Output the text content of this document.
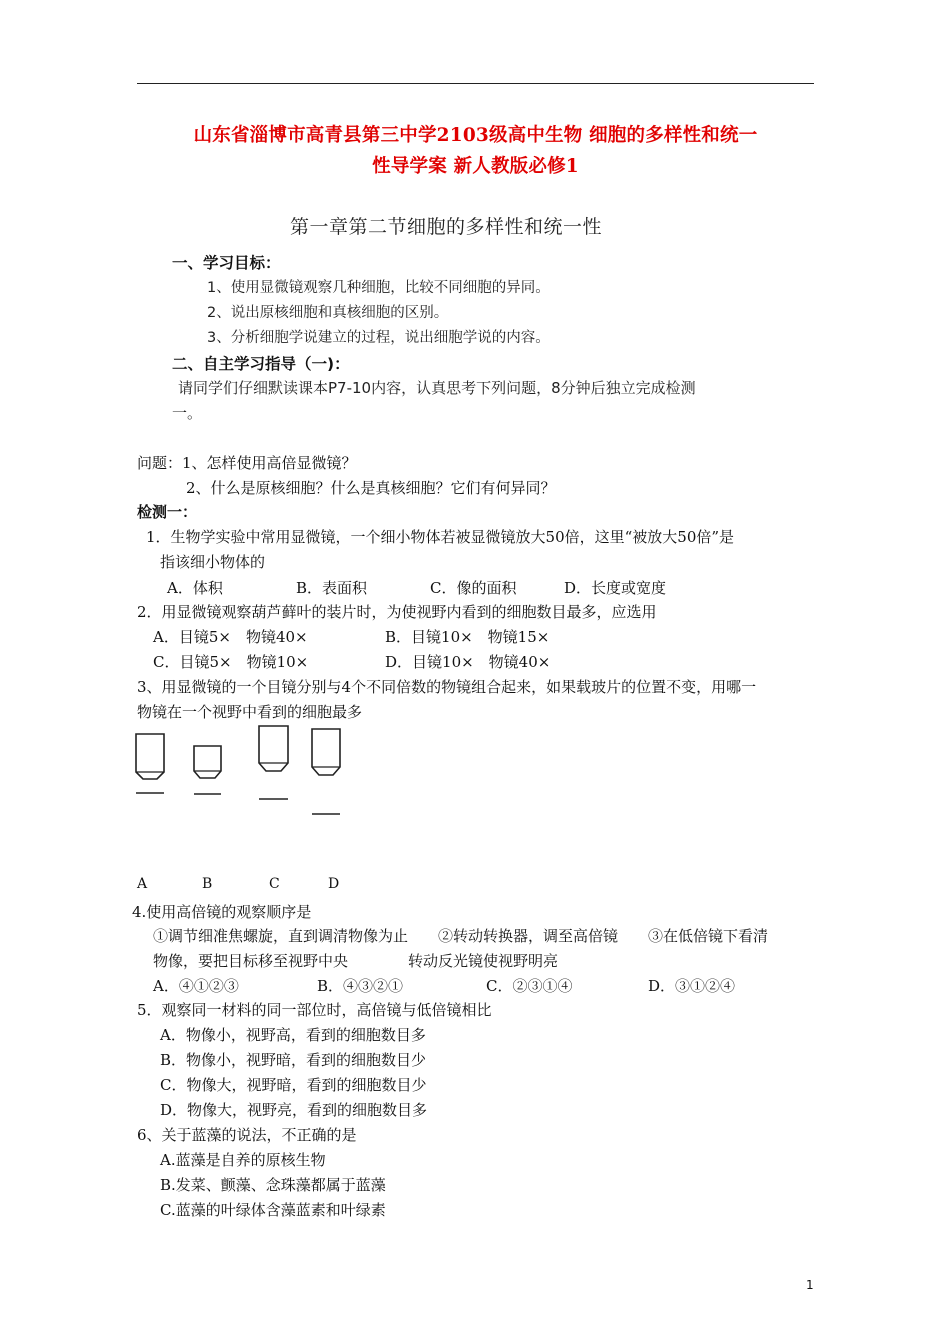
山东省淄博市高青县第三中学2103级高中生物 细胞的多样性和统一
性导学案 新人教版必修1
第一章第二节细胞的多样性和统一性
一、学习目标：
1、使用显微镜观察几种细胞，比较不同细胞的异同。
2、说出原核细胞和真核细胞的区别。
3、分析细胞学说建立的过程，说出细胞学说的内容。
二、自主学习指导（一)：
请同学们仔细默读课本P7-10内容，认真思考下列问题，8分钟后独立完成检测
一。
问题：1、怎样使用高倍显微镜？
2、什么是原核细胞？什么是真核细胞？它们有何异同？
检测一：
1．生物学实验中常用显微镜，一个细小物体若被显微镜放大50倍，这里“被放大50倍”是
指该细小物体的
A．体积	B．表面积	C．像的面积	D．长度或宽度
2．用显微镜观察葫芦藓叶的装片时，为使视野内看到的细胞数目最多，应选用
A．目镜5×　物镜40×	B．目镜10×　物镜15×
C．目镜5×　物镜10×	D．目镜10×　物镜40×
3、用显微镜的一个目镜分别与4个不同倍数的物镜组合起来，如果载玻片的位置不变，用哪一
物镜在一个视野中看到的细胞最多
A	B	C	D
4.使用高倍镜的观察顺序是
①调节细准焦螺旋，直到调清物像为止　　②转动转换器，调至高倍镜　　③在低倍镜下看清
物像，要把目标移至视野中央　　　　转动反光镜使视野明亮
A．④①②③	B．④③②①	C．②③①④	D．③①②④
5．观察同一材料的同一部位时，高倍镜与低倍镜相比
A．物像小，视野高，看到的细胞数目多
B．物像小，视野暗，看到的细胞数目少
C．物像大，视野暗，看到的细胞数目少
D．物像大，视野亮，看到的细胞数目多
6、关于蓝藻的说法，不正确的是
A.蓝藻是自养的原核生物
B.发菜、颤藻、念珠藻都属于蓝藻
C.蓝藻的叶绿体含藻蓝素和叶绿素
1
